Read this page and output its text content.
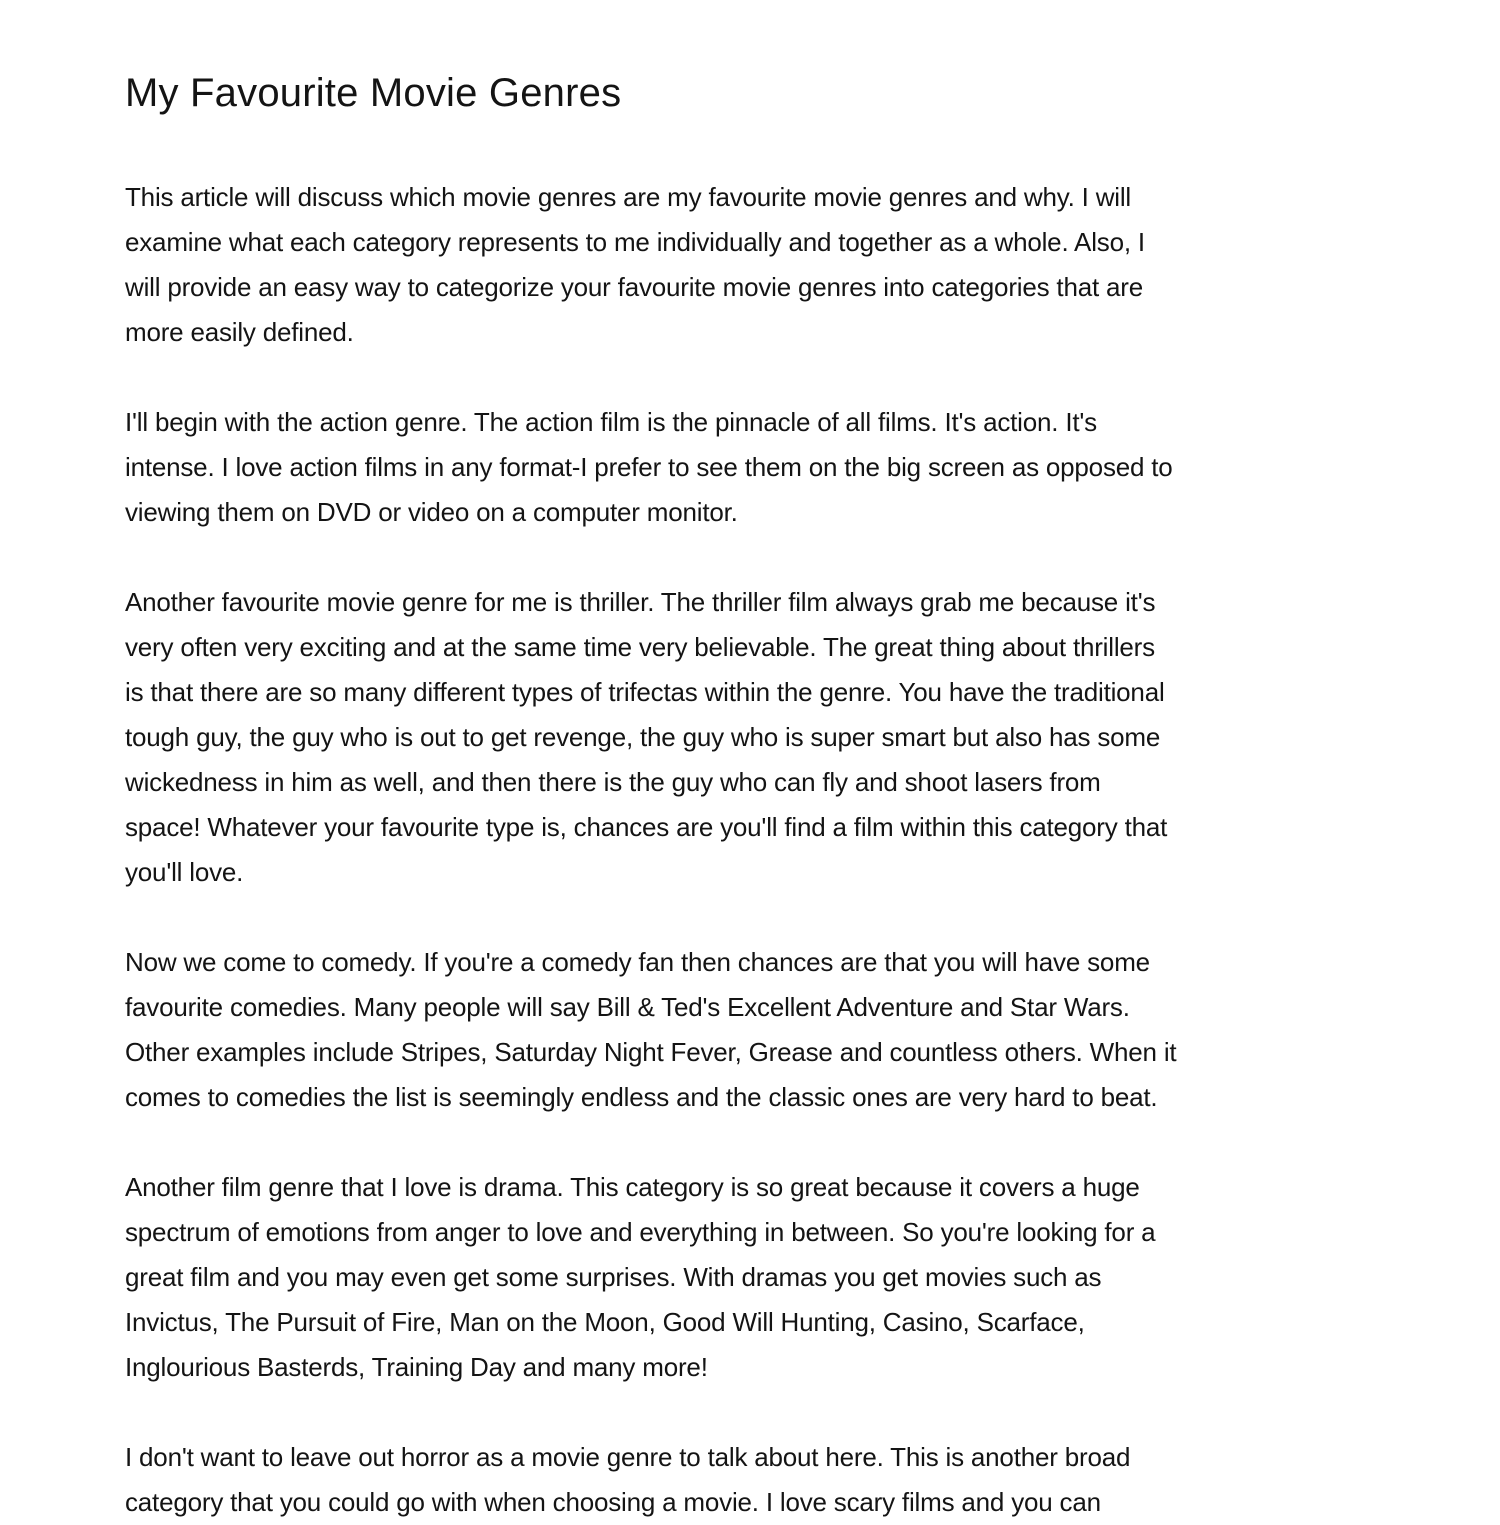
My Favourite Movie Genres

This article will discuss which movie genres are my favourite movie genres and why. I will
examine what each category represents to me individually and together as a whole. Also, I
will provide an easy way to categorize your favourite movie genres into categories that are
more easily defined.

I'll begin with the action genre. The action film is the pinnacle of all films. It's action. It's
intense. I love action films in any format-I prefer to see them on the big screen as opposed to
viewing them on DVD or video on a computer monitor.

Another favourite movie genre for me is thriller. The thriller film always grab me because it's
very often very exciting and at the same time very believable. The great thing about thrillers
is that there are so many different types of trifectas within the genre. You have the traditional
tough guy, the guy who is out to get revenge, the guy who is super smart but also has some
wickedness in him as well, and then there is the guy who can fly and shoot lasers from
space! Whatever your favourite type is, chances are you'll find a film within this category that
you'll love.

Now we come to comedy. If you're a comedy fan then chances are that you will have some
favourite comedies. Many people will say Bill & Ted's Excellent Adventure and Star Wars.
Other examples include Stripes, Saturday Night Fever, Grease and countless others. When it
comes to comedies the list is seemingly endless and the classic ones are very hard to beat.

Another film genre that I love is drama. This category is so great because it covers a huge
spectrum of emotions from anger to love and everything in between. So you're looking for a
great film and you may even get some surprises. With dramas you get movies such as
Invictus, The Pursuit of Fire, Man on the Moon, Good Will Hunting, Casino, Scarface,
Inglourious Basterds, Training Day and many more!

I don't want to leave out horror as a movie genre to talk about here. This is another broad
category that you could go with when choosing a movie. I love scary films and you can
